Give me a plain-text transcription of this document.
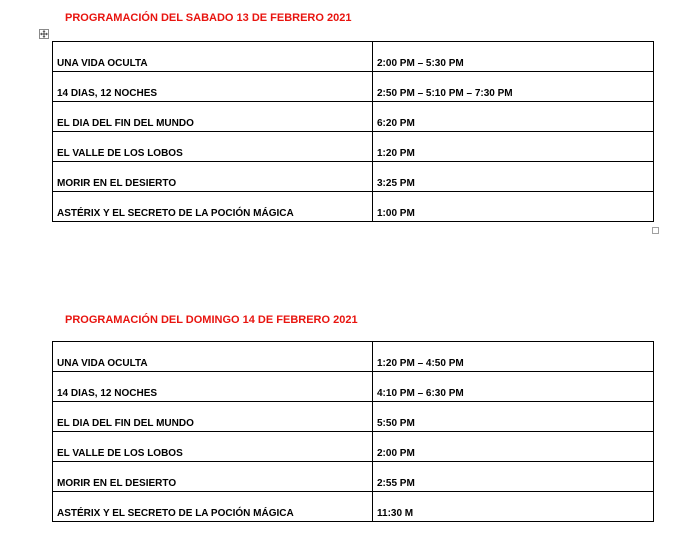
PROGRAMACIÓN DEL SABADO 13 DE FEBRERO 2021
UNA VIDA OCULTA	2:00 PM – 5:30 PM
14 DIAS, 12 NOCHES	2:50 PM – 5:10 PM – 7:30 PM
EL DIA DEL FIN DEL MUNDO	6:20 PM
EL VALLE DE LOS LOBOS	1:20 PM
MORIR EN EL DESIERTO	3:25 PM
ASTÉRIX Y EL SECRETO DE LA POCIÓN MÁGICA	1:00 PM
PROGRAMACIÓN DEL DOMINGO 14 DE FEBRERO 2021
UNA VIDA OCULTA	1:20 PM – 4:50 PM
14 DIAS, 12 NOCHES	4:10 PM – 6:30 PM
EL DIA DEL FIN DEL MUNDO	5:50 PM
EL VALLE DE LOS LOBOS	2:00 PM
MORIR EN EL DESIERTO	2:55 PM
ASTÉRIX Y EL SECRETO DE LA POCIÓN MÁGICA	11:30 M
